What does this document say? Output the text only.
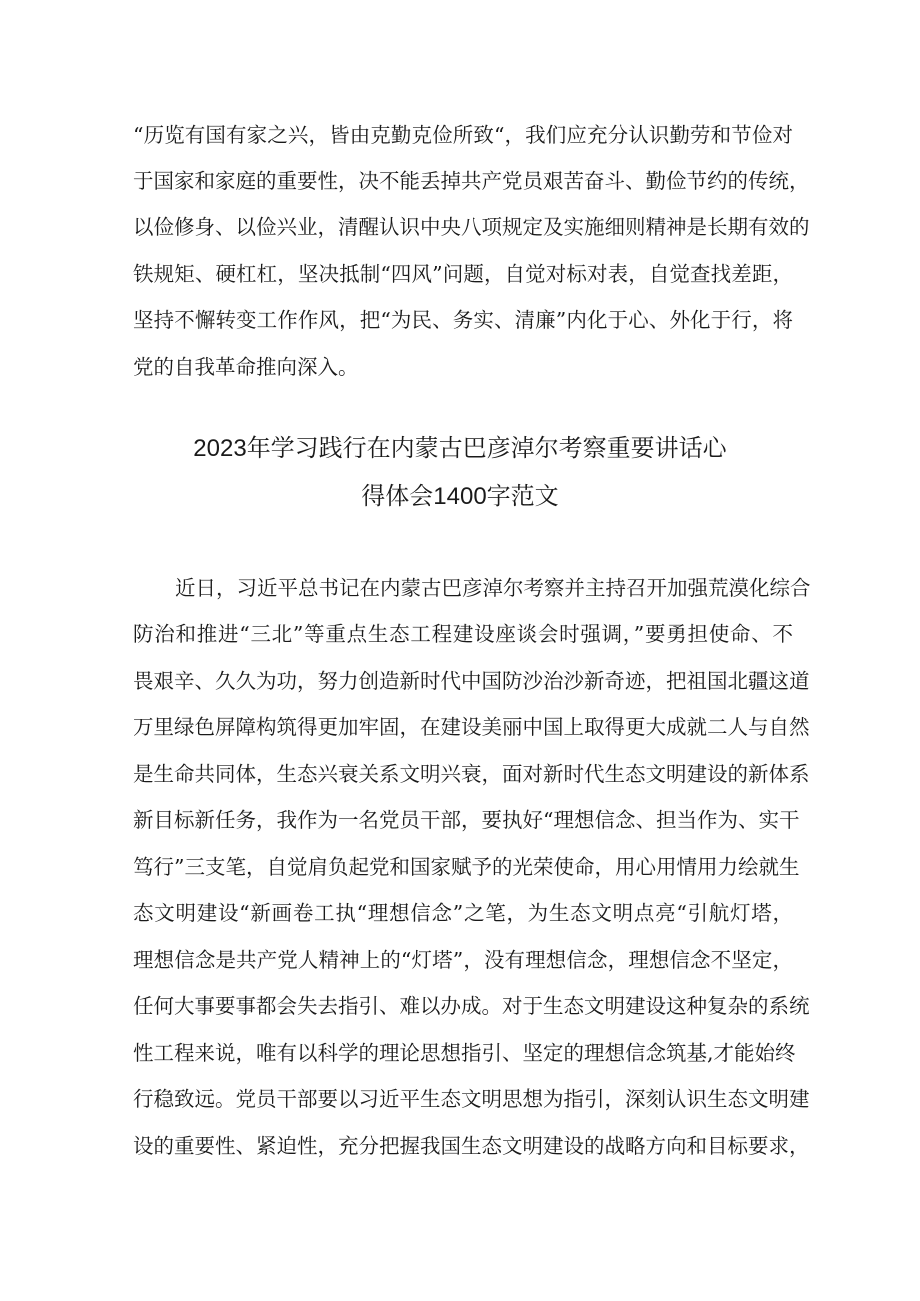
“历览有国有家之兴，皆由克勤克俭所致“，我们应充分认识勤劳和节俭对
于国家和家庭的重要性，决不能丢掉共产党员艰苦奋斗、勤俭节约的传统，
以俭修身、以俭兴业，清醒认识中央八项规定及实施细则精神是长期有效的
铁规矩、硬杠杠，坚决抵制“四风”问题，自觉对标对表，自觉查找差距，
坚持不懈转变工作作风，把“为民、务实、清廉”内化于心、外化于行，将
党的自我革命推向深入。
2023年学习践行在内蒙古巴彦淖尔考察重要讲话心
得体会1400字范文
近日，习近平总书记在内蒙古巴彦淖尔考察并主持召开加强荒漠化综合
防治和推进“三北”等重点生态工程建设座谈会时强调，”要勇担使命、不
畏艰辛、久久为功，努力创造新时代中国防沙治沙新奇迹，把祖国北疆这道
万里绿色屏障构筑得更加牢固，在建设美丽中国上取得更大成就二人与自然
是生命共同体，生态兴衰关系文明兴衰，面对新时代生态文明建设的新体系
新目标新任务，我作为一名党员干部，要执好“理想信念、担当作为、实干
笃行”三支笔，自觉肩负起党和国家赋予的光荣使命，用心用情用力绘就生
态文明建设“新画卷工执“理想信念”之笔，为生态文明点亮“引航灯塔，
理想信念是共产党人精神上的“灯塔”，没有理想信念，理想信念不坚定，
任何大事要事都会失去指引、难以办成。对于生态文明建设这种复杂的系统
性工程来说，唯有以科学的理论思想指引、坚定的理想信念筑基,才能始终
行稳致远。党员干部要以习近平生态文明思想为指引，深刻认识生态文明建
设的重要性、紧迫性，充分把握我国生态文明建设的战略方向和目标要求，
